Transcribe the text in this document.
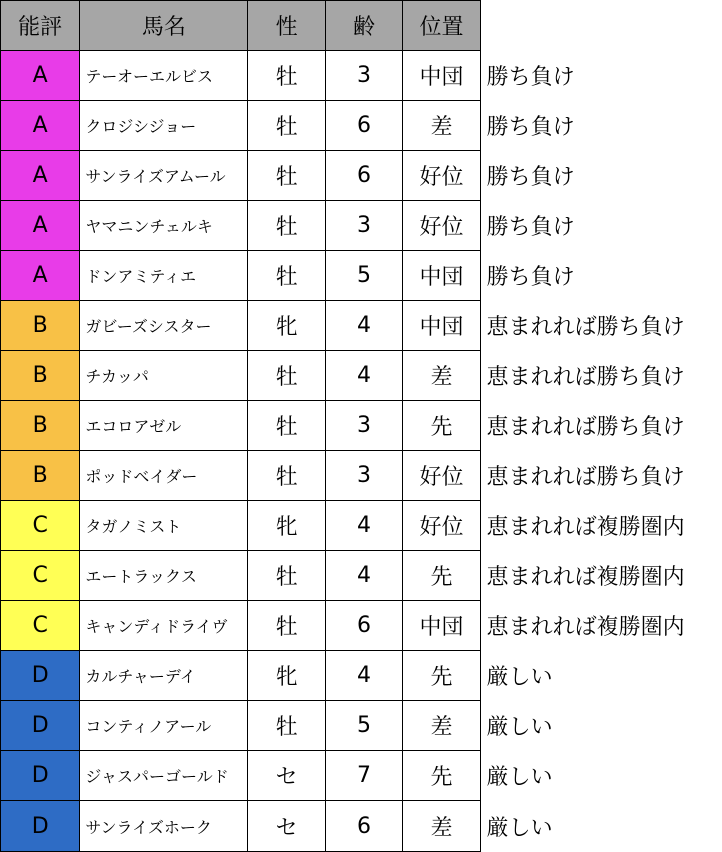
能評	馬名	性	齢	位置	
A	テーオーエルビス	牡	3	中団	勝ち負け
A	クロジシジョー	牡	6	差	勝ち負け
A	サンライズアムール	牡	6	好位	勝ち負け
A	ヤマニンチェルキ	牡	3	好位	勝ち負け
A	ドンアミティエ	牡	5	中団	勝ち負け
B	ガビーズシスター	牝	4	中団	恵まれれば勝ち負け
B	チカッパ	牡	4	差	恵まれれば勝ち負け
B	エコロアゼル	牡	3	先	恵まれれば勝ち負け
B	ポッドベイダー	牡	3	好位	恵まれれば勝ち負け
C	タガノミスト	牝	4	好位	恵まれれば複勝圏内
C	エートラックス	牡	4	先	恵まれれば複勝圏内
C	キャンディドライヴ	牡	6	中団	恵まれれば複勝圏内
D	カルチャーデイ	牝	4	先	厳しい
D	コンティノアール	牡	5	差	厳しい
D	ジャスパーゴールド	セ	7	先	厳しい
D	サンライズホーク	セ	6	差	厳しい
